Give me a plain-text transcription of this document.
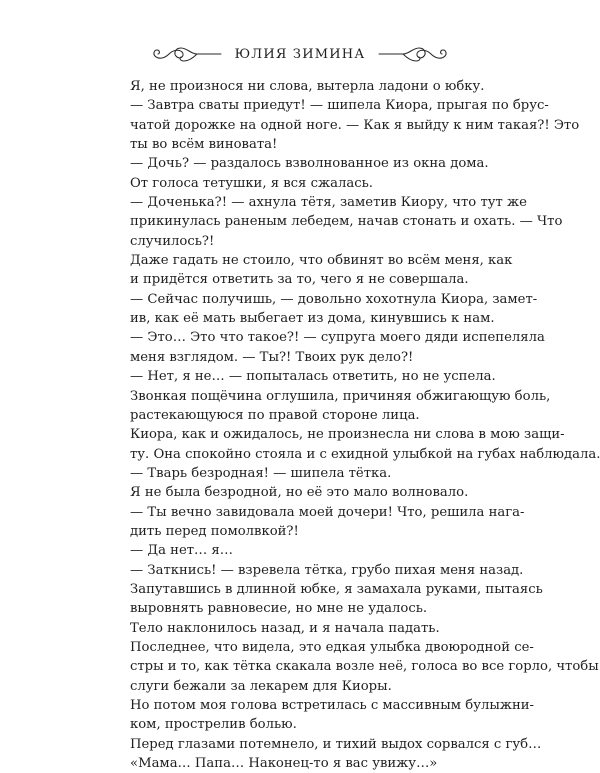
ЮЛИЯ ЗИМИНА

Я, не произнося ни слова, вытерла ладони о юбку.

— Завтра сваты приедут! — шипела Киора, прыгая по брус-
чатой дорожке на одной ноге. — Как я выйду к ним такая?! Это
ты во всём виновата!

— Дочь? — раздалось взволнованное из окна дома.

От голоса тетушки, я вся сжалась.

— Доченька?! — ахнула тётя, заметив Киору, что тут же
прикинулась раненым лебедем, начав стонать и охать. — Что
случилось?!

Даже гадать не стоило, что обвинят во всём меня, как
и придётся ответить за то, чего я не совершала.

— Сейчас получишь, — довольно хохотнула Киора, замет-
ив, как её мать выбегает из дома, кинувшись к нам.

— Это… Это что такое?! — супруга моего дяди испепеляла
меня взглядом. — Ты?! Твоих рук дело?!

— Нет, я не… — попыталась ответить, но не успела.

Звонкая пощёчина оглушила, причиняя обжигающую боль,
растекающуюся по правой стороне лица.

Киора, как и ожидалось, не произнесла ни слова в мою защи-
ту. Она спокойно стояла и с ехидной улыбкой на губах наблюдала.

— Тварь безродная! — шипела тётка.

Я не была безродной, но её это мало волновало.

— Ты вечно завидовала моей дочери! Что, решила нага-
дить перед помолвкой?!

— Да нет… я…

— Заткнись! — взревела тётка, грубо пихая меня назад.

Запутавшись в длинной юбке, я замахала руками, пытаясь
выровнять равновесие, но мне не удалось.

Тело наклонилось назад, и я начала падать.

Последнее, что видела, это едкая улыбка двоюродной се-
стры и то, как тётка скакала возле неё, голоса во все горло, чтобы
слуги бежали за лекарем для Киоры.

Но потом моя голова встретилась с массивным булыжни-
ком, прострелив болью.

Перед глазами потемнело, и тихий выдох сорвался с губ…

«Мама… Папа… Наконец-то я вас увижу…»
